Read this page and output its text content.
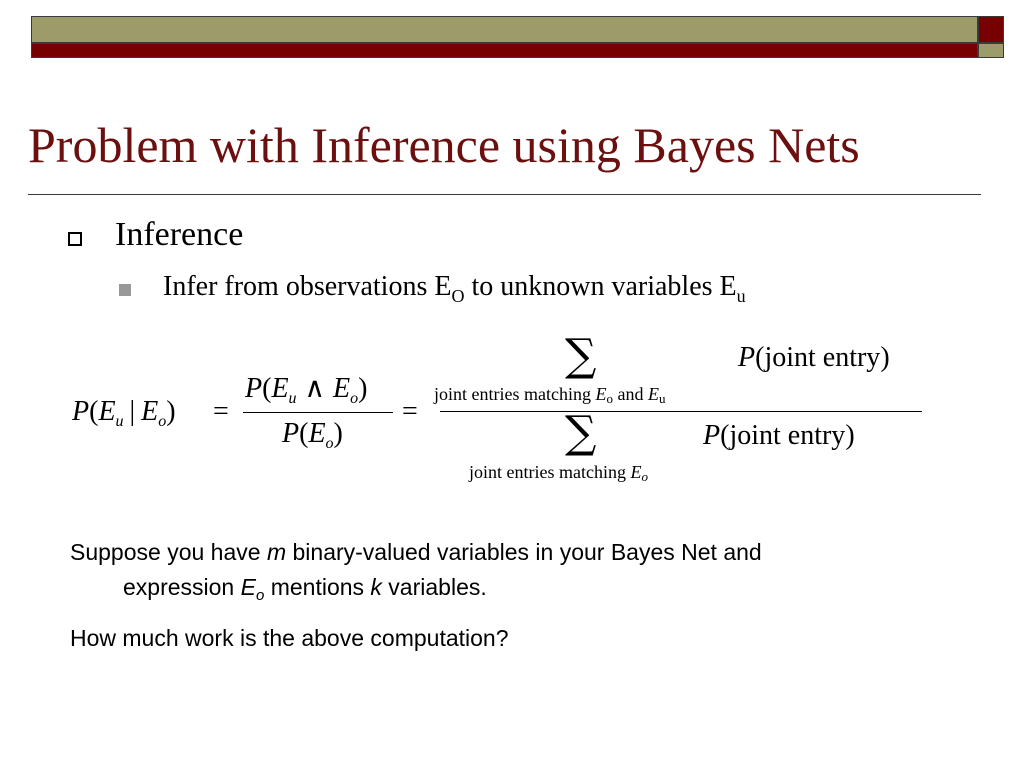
Problem with Inference using Bayes Nets
Inference
Infer from observations $E_O$ to unknown variables $E_u$
$P(E_u$ | $E_o$) =
$P(E_u$ ∧ $E_o$)
$P(E_o)$
=
∑	P(joint entry)
joint entries matching $E_o$ and $E_u$
∑	P(joint entry)
joint entries matching $E_o$
Suppose you have m binary-valued variables in your Bayes Net and
expression $E_o$ mentions k variables.
How much work is the above computation?
